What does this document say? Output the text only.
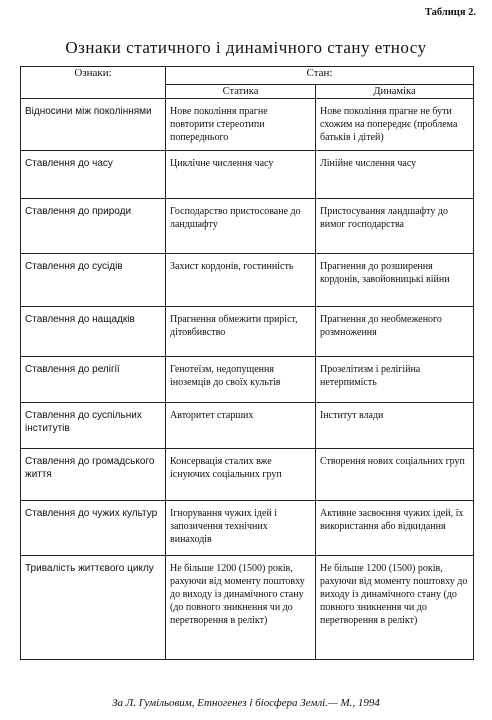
Таблиця 2.
Ознаки статичного і динамічного стану етносу
Ознаки:	Стан:	
	Статика	Динаміка
Відносини між поколіннями	Нове покоління прагне повторити стереотипи попереднього	Нове покоління прагне не бути схожим на попереднє (проблема батьків і дітей)
Ставлення до часу	Циклічне числення часу	Лінійне числення часу
Ставлення до природи	Господарство пристосоване до ландшафту	Пристосування ландшафту до вимог господарства
Ставлення до сусідів	Захист кордонів, гостинність	Прагнення до розширення кордонів, завойовницькі війни
Ставлення до нащадків	Прагнення обмежити приріст, дітовбивство	Прагнення до необмеженого розмноження
Ставлення до релігії	Генотеїзм, недопущення іноземців до своїх культів	Прозелітизм і релігійна нетерпимість
Ставлення до суспільних інститутів	Авторитет старших	Інститут влади
Ставлення до громадського життя	Консервація сталих вже існуючих соціальних груп	Створення нових соціальних груп
Ставлення до чужих культур	Ігнорування чужих ідей і запозичення технічних винаходів	Активне засвоєння чужих ідей, їх використання або відкидання
Тривалість життєвого циклу	Не більше 1200 (1500) років, рахуючи від моменту поштовху до виходу із динамічного стану (до повного зникнення чи до перетворення в релікт)	Не більше 1200 (1500) років, рахуючи від моменту поштовху до виходу із динамічного стану (до повного зникнення чи до перетворення в релікт)
За Л. Гумільовим, Етногенез і біосфера Землі.— М., 1994
